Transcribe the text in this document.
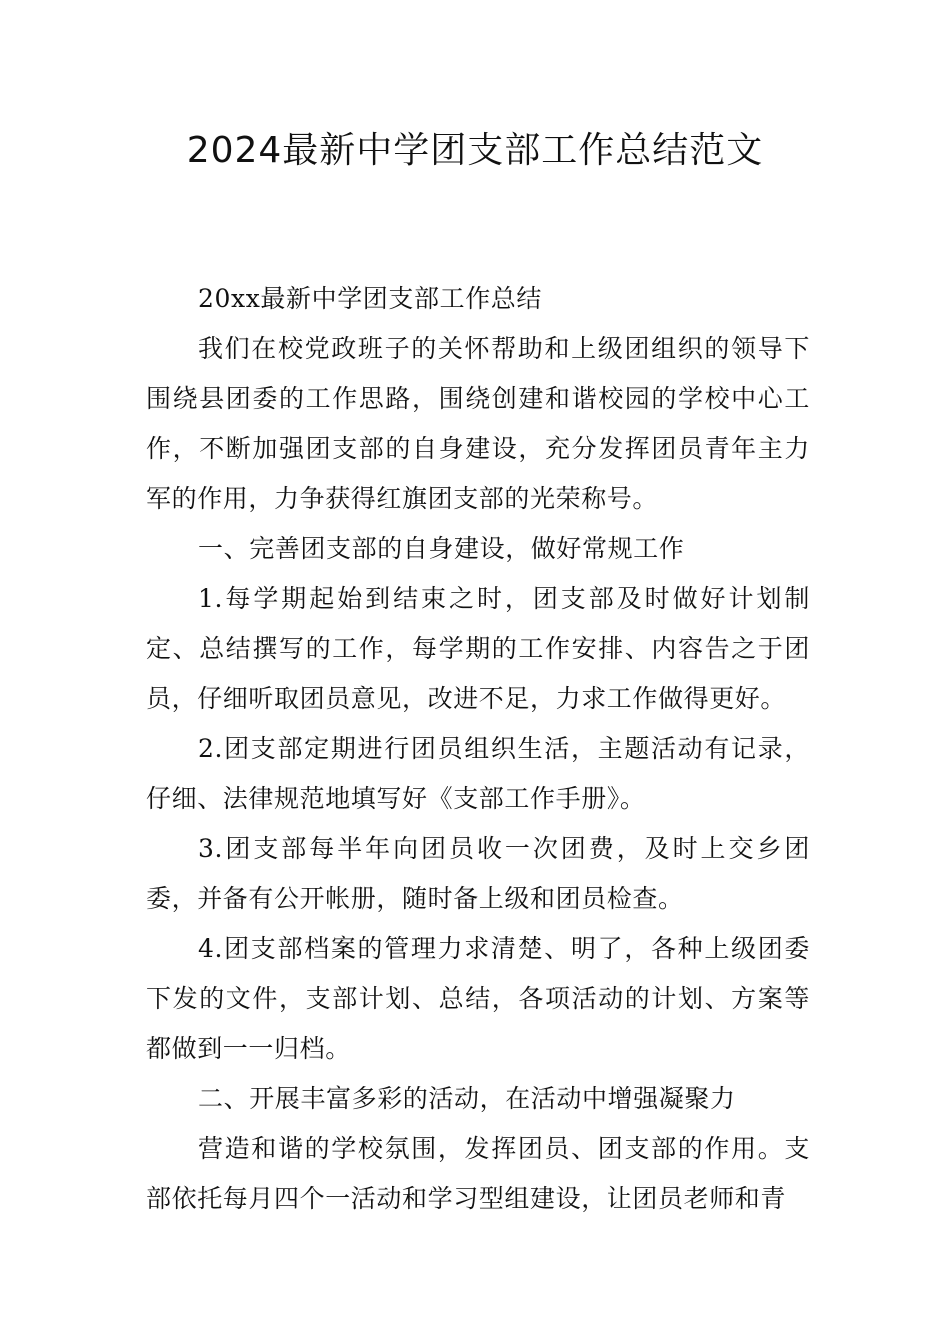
2024最新中学团支部工作总结范文

20xx最新中学团支部工作总结

我们在校党政班子的关怀帮助和上级团组织的领导下围绕县团委的工作思路，围绕创建和谐校园的学校中心工作，不断加强团支部的自身建设，充分发挥团员青年主力军的作用，力争获得红旗团支部的光荣称号。

一、完善团支部的自身建设，做好常规工作

1.每学期起始到结束之时，团支部及时做好计划制定、总结撰写的工作，每学期的工作安排、内容告之于团员，仔细听取团员意见，改进不足，力求工作做得更好。

2.团支部定期进行团员组织生活，主题活动有记录，仔细、法律规范地填写好《支部工作手册》。

3.团支部每半年向团员收一次团费，及时上交乡团委，并备有公开帐册，随时备上级和团员检查。

4.团支部档案的管理力求清楚、明了，各种上级团委下发的文件，支部计划、总结，各项活动的计划、方案等都做到一一归档。

二、开展丰富多彩的活动，在活动中增强凝聚力

营造和谐的学校氛围，发挥团员、团支部的作用。支部依托每月四个一活动和学习型组建设，让团员老师和青
